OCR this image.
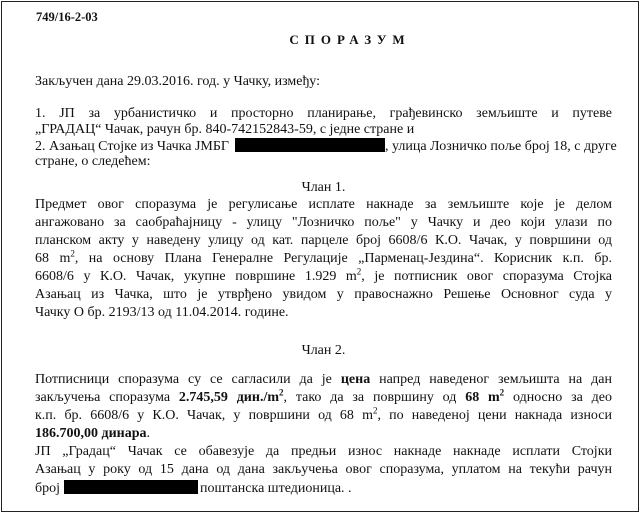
749/16-2-03
СПОРАЗУМ
Закључен дана 29.03.2016. год. у Чачку, између:
1. ЈП за урбанистичко и просторно планирање, грађевинско земљиште и путеве
„ГРАДАЦ“ Чачак, рачун бр. 840-742152843-59, с једне стране и
2. Азањац Стојке из Чачка ЈМБГ	, улица Лозничко поље број 18, с друге
стране, о следећем:
Члан 1.
Предмет овог споразума је регулисање исплате накнаде за земљиште које је делом
ангажовано за саобраћајницу - улицу "Лозничко поље" у Чачку и део који улази по
планском акту у наведену улицу од кат. парцеле број 6608/6 К.О. Чачак, у површини од
68 $m^2$, на основу Плана Генералне Регулације „Парменац-Јездина“. Корисник к.п. бр.
6608/6 у К.О. Чачак, укупне површине 1.929 $m^2$, је потписник овог споразума Стојка
Азањац из Чачка, што је утврђено увидом у правоснажно Решење Основног суда у
Чачку О бр. 2193/13 од 11.04.2014. године.
Члан 2.
Потписници споразума су се сагласили да је цена напред наведеног земљишта на дан
закључења споразума 2.745,59 $дин./m^2$, тако да за површину од 68 $m^2$ односно за део
к.п. бр. 6608/6 у К.О. Чачак, у површини од 68 $m^2$, по наведеној цени накнада износи
186.700,00 динара.
ЈП „Градац“ Чачак се обавезује да предњи износ накнаде накнаде исплати Стојки
Азањац у року од 15 дана од дана закључења овог споразума, уплатом на текући рачун
број	поштанска штедионица. .
